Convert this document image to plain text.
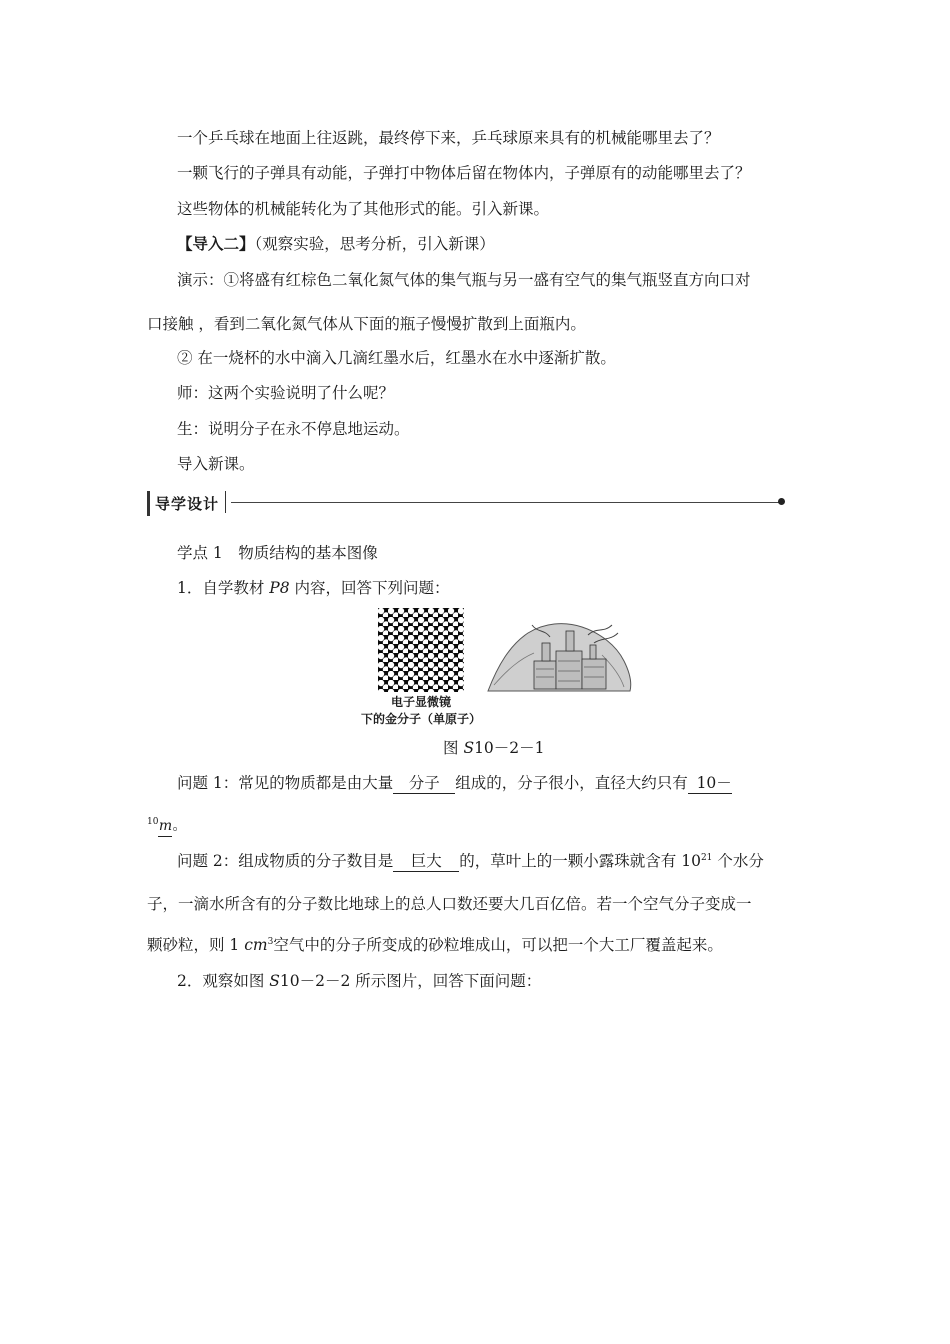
一个乒乓球在地面上往返跳，最终停下来，乒乓球原来具有的机械能哪里去了？
一颗飞行的子弹具有动能，子弹打中物体后留在物体内，子弹原有的动能哪里去了？
这些物体的机械能转化为了其他形式的能。引入新课。
【导入二】（观察实验，思考分析，引入新课）
演示：①将盛有红棕色二氧化氮气体的集气瓶与另一盛有空气的集气瓶竖直方向口对
口接触 ，看到二氧化氮气体从下面的瓶子慢慢扩散到上面瓶内。
② 在一烧杯的水中滴入几滴红墨水后，红墨水在水中逐渐扩散。
师：这两个实验说明了什么呢？
生：说明分子在永不停息地运动。
导入新课。
导学设计
学点 1　物质结构的基本图像
1．自学教材 P8 内容，回答下列问题：
电子显微镜
下的金分子（单原子）
图 S10－2－1
问题 1：常见的物质都是由大量 分子 组成的，分子很小，直径大约只有 10－
$^{10}$m。
问题 2：组成物质的分子数目是 巨大 的，草叶上的一颗小露珠就含有 $10^{21}$ 个水分
子，一滴水所含有的分子数比地球上的总人口数还要大几百亿倍。若一个空气分子变成一
颗砂粒，则 1 $cm^3$空气中的分子所变成的砂粒堆成山，可以把一个大工厂覆盖起来。
2．观察如图 S10－2－2 所示图片，回答下面问题：
